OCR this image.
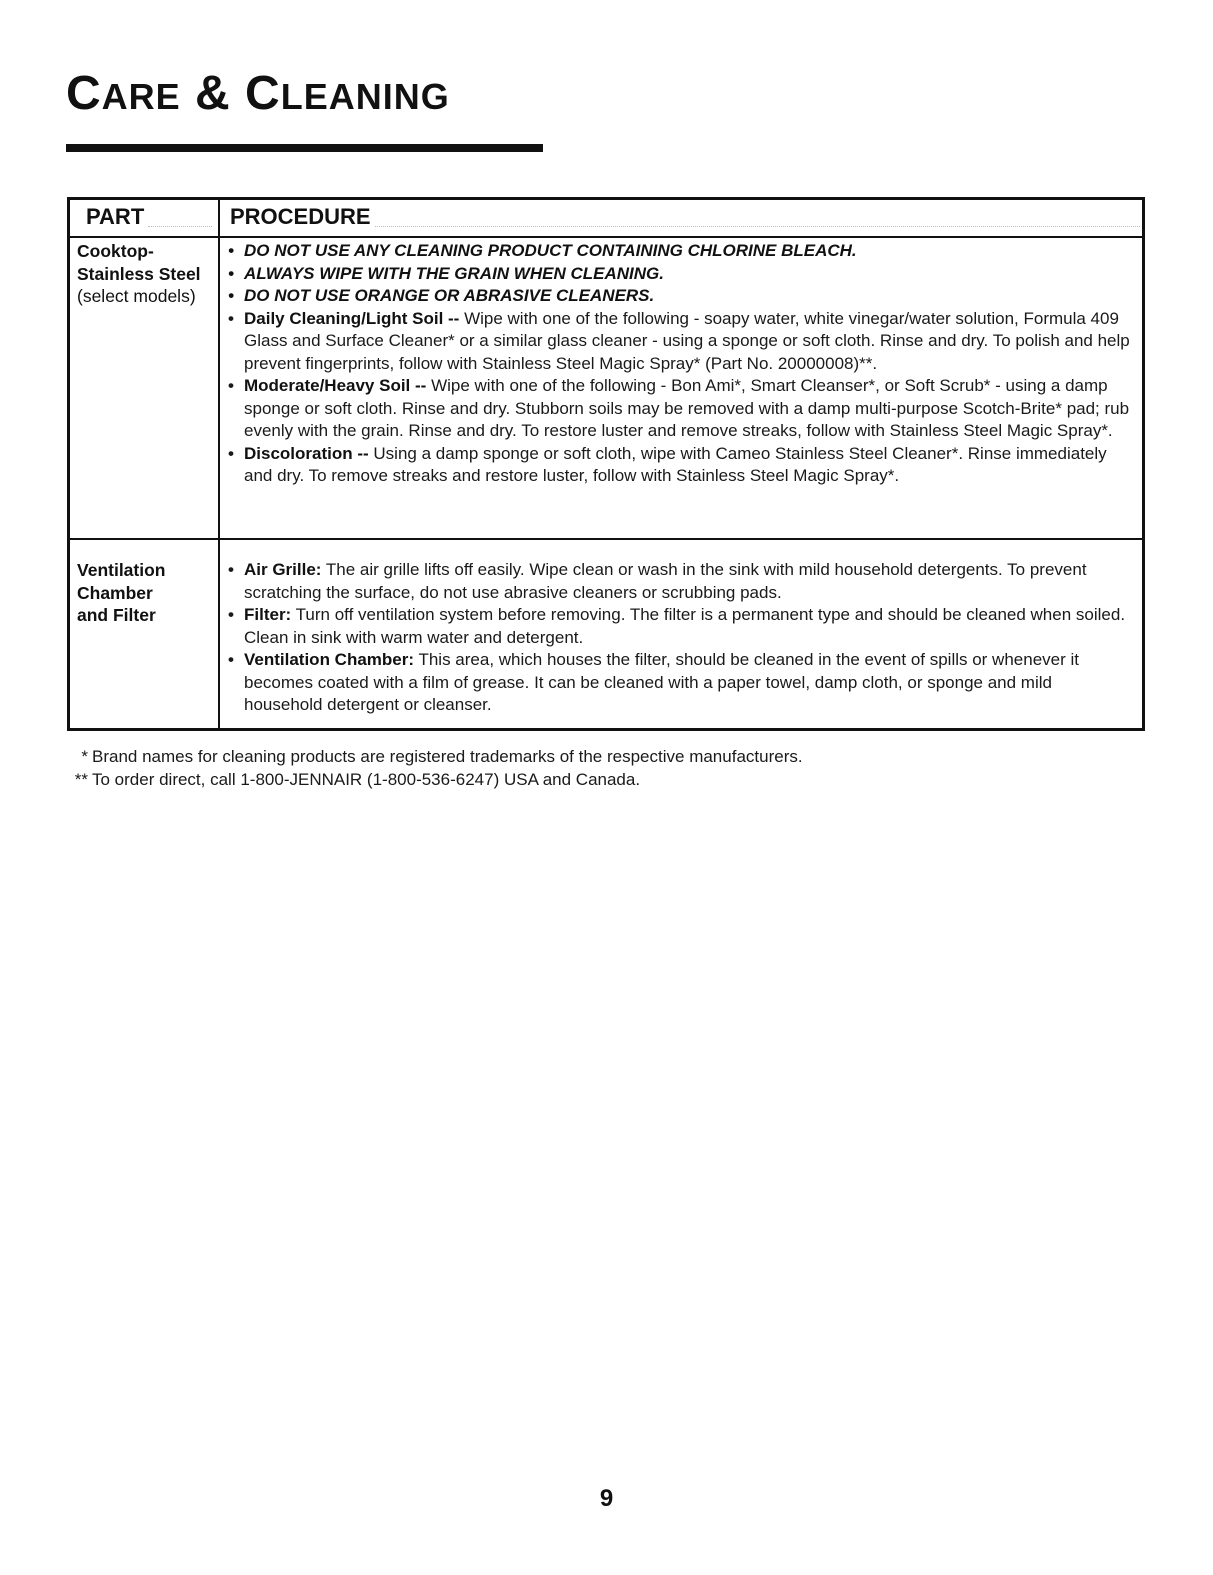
CARE & CLEANING
PART	PROCEDURE
Cooktop-
Stainless Steel
(select models)
• DO NOT USE ANY CLEANING PRODUCT CONTAINING CHLORINE BLEACH.
• ALWAYS WIPE WITH THE GRAIN WHEN CLEANING.
• DO NOT USE ORANGE OR ABRASIVE CLEANERS.
• Daily Cleaning/Light Soil -- Wipe with one of the following - soapy water, white vinegar/water solution, Formula 409 Glass and Surface Cleaner* or a similar glass cleaner - using a sponge or soft cloth. Rinse and dry. To polish and help prevent fingerprints, follow with Stainless Steel Magic Spray* (Part No. 20000008)**.
• Moderate/Heavy Soil -- Wipe with one of the following - Bon Ami*, Smart Cleanser*, or Soft Scrub* - using a damp sponge or soft cloth. Rinse and dry. Stubborn soils may be removed with a damp multi-purpose Scotch-Brite* pad; rub evenly with the grain. Rinse and dry. To restore luster and remove streaks, follow with Stainless Steel Magic Spray*.
• Discoloration -- Using a damp sponge or soft cloth, wipe with Cameo Stainless Steel Cleaner*. Rinse immediately and dry. To remove streaks and restore luster, follow with Stainless Steel Magic Spray*.
Ventilation
Chamber
and Filter
• Air Grille: The air grille lifts off easily. Wipe clean or wash in the sink with mild household detergents. To prevent scratching the surface, do not use abrasive cleaners or scrubbing pads.
• Filter: Turn off ventilation system before removing. The filter is a permanent type and should be cleaned when soiled. Clean in sink with warm water and detergent.
• Ventilation Chamber: This area, which houses the filter, should be cleaned in the event of spills or whenever it becomes coated with a film of grease. It can be cleaned with a paper towel, damp cloth, or sponge and mild household detergent or cleanser.
* Brand names for cleaning products are registered trademarks of the respective manufacturers.
** To order direct, call 1-800-JENNAIR (1-800-536-6247) USA and Canada.
9
